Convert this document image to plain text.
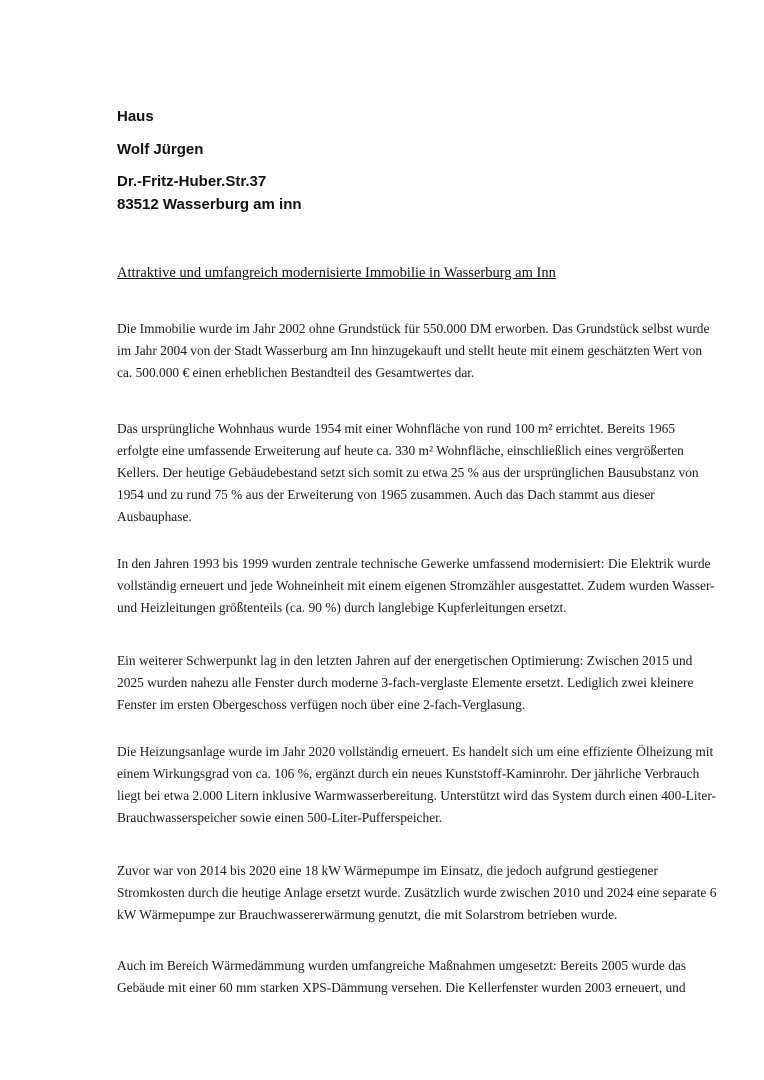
Haus
Wolf Jürgen
Dr.-Fritz-Huber.Str.37
83512 Wasserburg am inn
Attraktive und umfangreich modernisierte Immobilie in Wasserburg am Inn

Die Immobilie wurde im Jahr 2002 ohne Grundstück für 550.000 DM erworben. Das Grundstück selbst wurde im Jahr 2004 von der Stadt Wasserburg am Inn hinzugekauft und stellt heute mit einem geschätzten Wert von ca. 500.000 € einen erheblichen Bestandteil des Gesamtwertes dar.

Das ursprüngliche Wohnhaus wurde 1954 mit einer Wohnfläche von rund 100 m² errichtet. Bereits 1965 erfolgte eine umfassende Erweiterung auf heute ca. 330 m² Wohnfläche, einschließlich eines vergrößerten Kellers. Der heutige Gebäudebestand setzt sich somit zu etwa 25 % aus der ursprünglichen Bausubstanz von 1954 und zu rund 75 % aus der Erweiterung von 1965 zusammen. Auch das Dach stammt aus dieser Ausbauphase.

In den Jahren 1993 bis 1999 wurden zentrale technische Gewerke umfassend modernisiert: Die Elektrik wurde vollständig erneuert und jede Wohneinheit mit einem eigenen Stromzähler ausgestattet. Zudem wurden Wasser- und Heizleitungen größtenteils (ca. 90 %) durch langlebige Kupferleitungen ersetzt.

Ein weiterer Schwerpunkt lag in den letzten Jahren auf der energetischen Optimierung: Zwischen 2015 und 2025 wurden nahezu alle Fenster durch moderne 3-fach-verglaste Elemente ersetzt. Lediglich zwei kleinere Fenster im ersten Obergeschoss verfügen noch über eine 2-fach-Verglasung.

Die Heizungsanlage wurde im Jahr 2020 vollständig erneuert. Es handelt sich um eine effiziente Ölheizung mit einem Wirkungsgrad von ca. 106 %, ergänzt durch ein neues Kunststoff-Kaminrohr. Der jährliche Verbrauch liegt bei etwa 2.000 Litern inklusive Warmwasserbereitung. Unterstützt wird das System durch einen 400-Liter-Brauchwasserspeicher sowie einen 500-Liter-Pufferspeicher.

Zuvor war von 2014 bis 2020 eine 18 kW Wärmepumpe im Einsatz, die jedoch aufgrund gestiegener Stromkosten durch die heutige Anlage ersetzt wurde. Zusätzlich wurde zwischen 2010 und 2024 eine separate 6 kW Wärmepumpe zur Brauchwassererwärmung genutzt, die mit Solarstrom betrieben wurde.

Auch im Bereich Wärmedämmung wurden umfangreiche Maßnahmen umgesetzt: Bereits 2005 wurde das Gebäude mit einer 60 mm starken XPS-Dämmung versehen. Die Kellerfenster wurden 2003 erneuert, und
